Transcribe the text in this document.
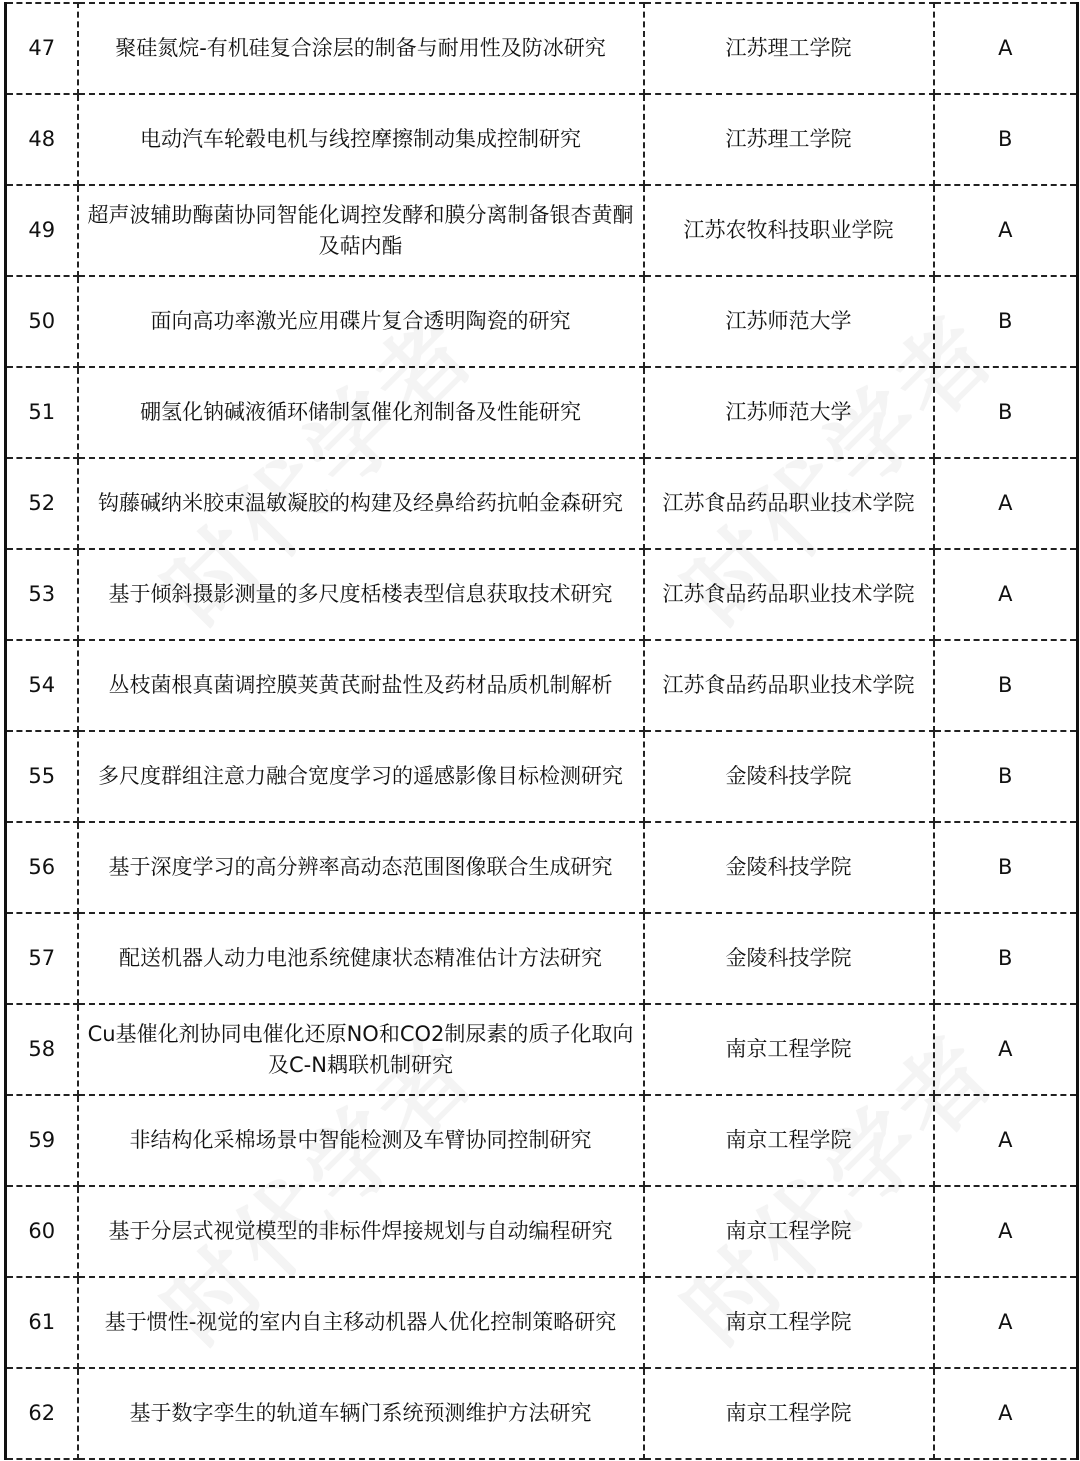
47	聚硅氮烷-有机硅复合涂层的制备与耐用性及防冰研究	江苏理工学院	A
48	电动汽车轮毂电机与线控摩擦制动集成控制研究	江苏理工学院	B
49	超声波辅助酶菌协同智能化调控发酵和膜分离制备银杏黄酮及萜内酯	江苏农牧科技职业学院	A
50	面向高功率激光应用碟片复合透明陶瓷的研究	江苏师范大学	B
51	硼氢化钠碱液循环储制氢催化剂制备及性能研究	江苏师范大学	B
52	钩藤碱纳米胶束温敏凝胶的构建及经鼻给药抗帕金森研究	江苏食品药品职业技术学院	A
53	基于倾斜摄影测量的多尺度栝楼表型信息获取技术研究	江苏食品药品职业技术学院	A
54	丛枝菌根真菌调控膜荚黄芪耐盐性及药材品质机制解析	江苏食品药品职业技术学院	B
55	多尺度群组注意力融合宽度学习的遥感影像目标检测研究	金陵科技学院	B
56	基于深度学习的高分辨率高动态范围图像联合生成研究	金陵科技学院	B
57	配送机器人动力电池系统健康状态精准估计方法研究	金陵科技学院	B
58	Cu基催化剂协同电催化还原NO和CO2制尿素的质子化取向及C-N耦联机制研究	南京工程学院	A
59	非结构化采棉场景中智能检测及车臂协同控制研究	南京工程学院	A
60	基于分层式视觉模型的非标件焊接规划与自动编程研究	南京工程学院	A
61	基于惯性-视觉的室内自主移动机器人优化控制策略研究	南京工程学院	A
62	基于数字孪生的轨道车辆门系统预测维护方法研究	南京工程学院	A
